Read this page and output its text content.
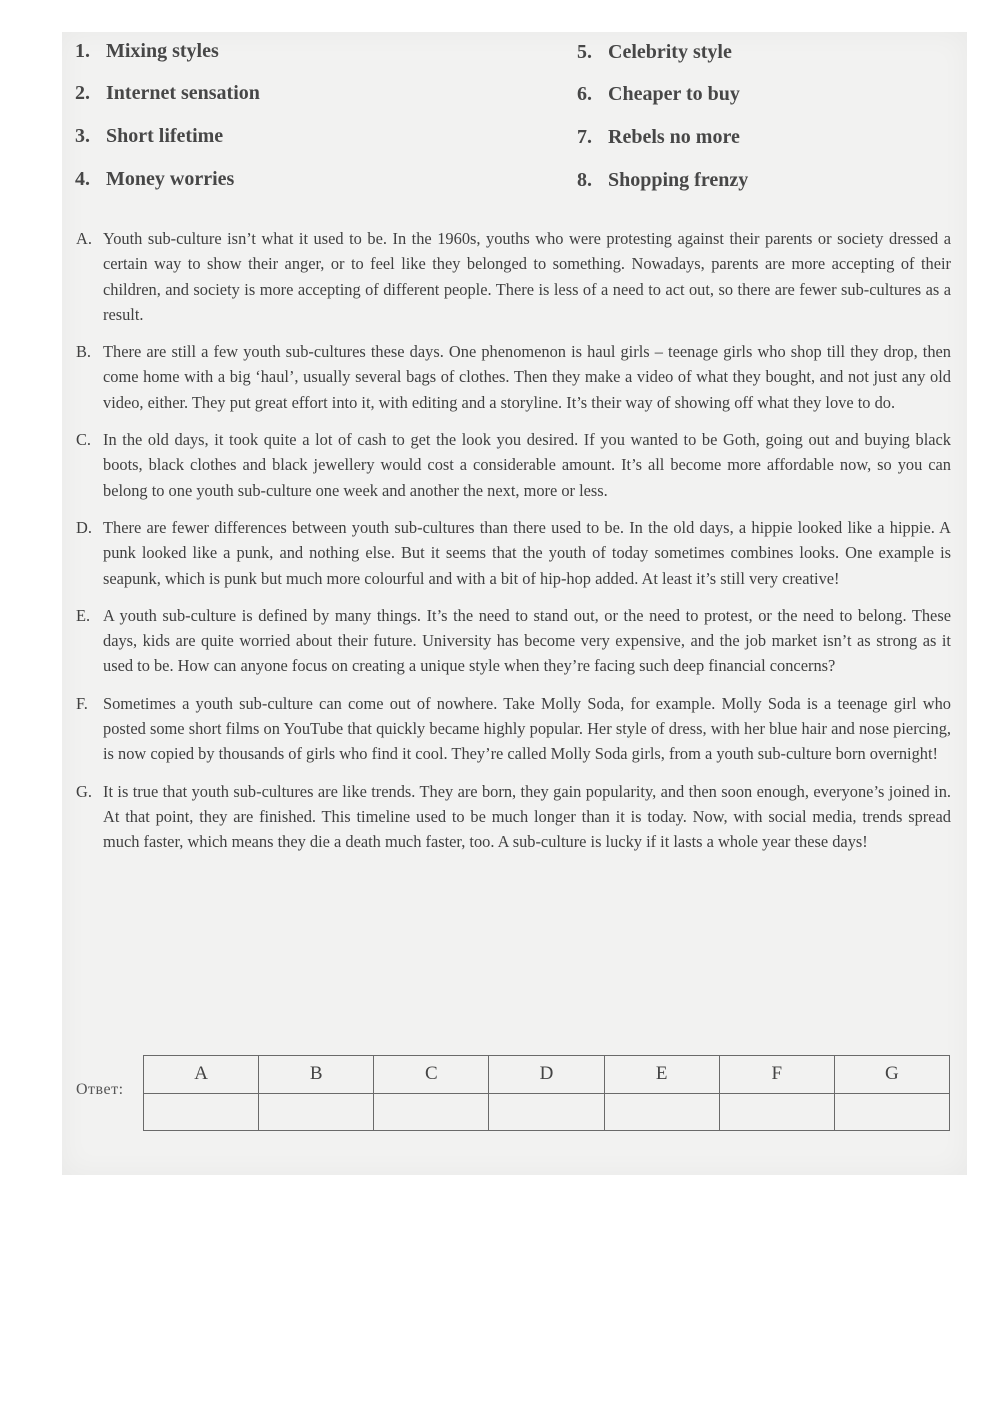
1. Mixing styles
2. Internet sensation
3. Short lifetime
4. Money worries
5. Celebrity style
6. Cheaper to buy
7. Rebels no more
8. Shopping frenzy
A. Youth sub-culture isn’t what it used to be. In the 1960s, youths who were protesting against their parents or society dressed a certain way to show their anger, or to feel like they belonged to something. Nowadays, parents are more accepting of their children, and society is more accepting of different people. There is less of a need to act out, so there are fewer sub-cultures as a result.
B. There are still a few youth sub-cultures these days. One phenomenon is haul girls – teenage girls who shop till they drop, then come home with a big ‘haul’, usually several bags of clothes. Then they make a video of what they bought, and not just any old video, either. They put great effort into it, with editing and a storyline. It’s their way of showing off what they love to do.
C. In the old days, it took quite a lot of cash to get the look you desired. If you wanted to be Goth, going out and buying black boots, black clothes and black jewellery would cost a considerable amount. It’s all become more affordable now, so you can belong to one youth sub-culture one week and another the next, more or less.
D. There are fewer differences between youth sub-cultures than there used to be. In the old days, a hippie looked like a hippie. A punk looked like a punk, and nothing else. But it seems that the youth of today sometimes combines looks. One example is seapunk, which is punk but much more colourful and with a bit of hip-hop added. At least it’s still very creative!
E. A youth sub-culture is defined by many things. It’s the need to stand out, or the need to protest, or the need to belong. These days, kids are quite worried about their future. University has become very expensive, and the job market isn’t as strong as it used to be. How can anyone focus on creating a unique style when they’re facing such deep financial concerns?
F. Sometimes a youth sub-culture can come out of nowhere. Take Molly Soda, for example. Molly Soda is a teenage girl who posted some short films on YouTube that quickly became highly popular. Her style of dress, with her blue hair and nose piercing, is now copied by thousands of girls who find it cool. They’re called Molly Soda girls, from a youth sub-culture born overnight!
G. It is true that youth sub-cultures are like trends. They are born, they gain popularity, and then soon enough, everyone’s joined in. At that point, they are finished. This timeline used to be much longer than it is today. Now, with social media, trends spread much faster, which means they die a death much faster, too. A sub-culture is lucky if it lasts a whole year these days!
Ответ:
A	B	C	D	E	F	G
